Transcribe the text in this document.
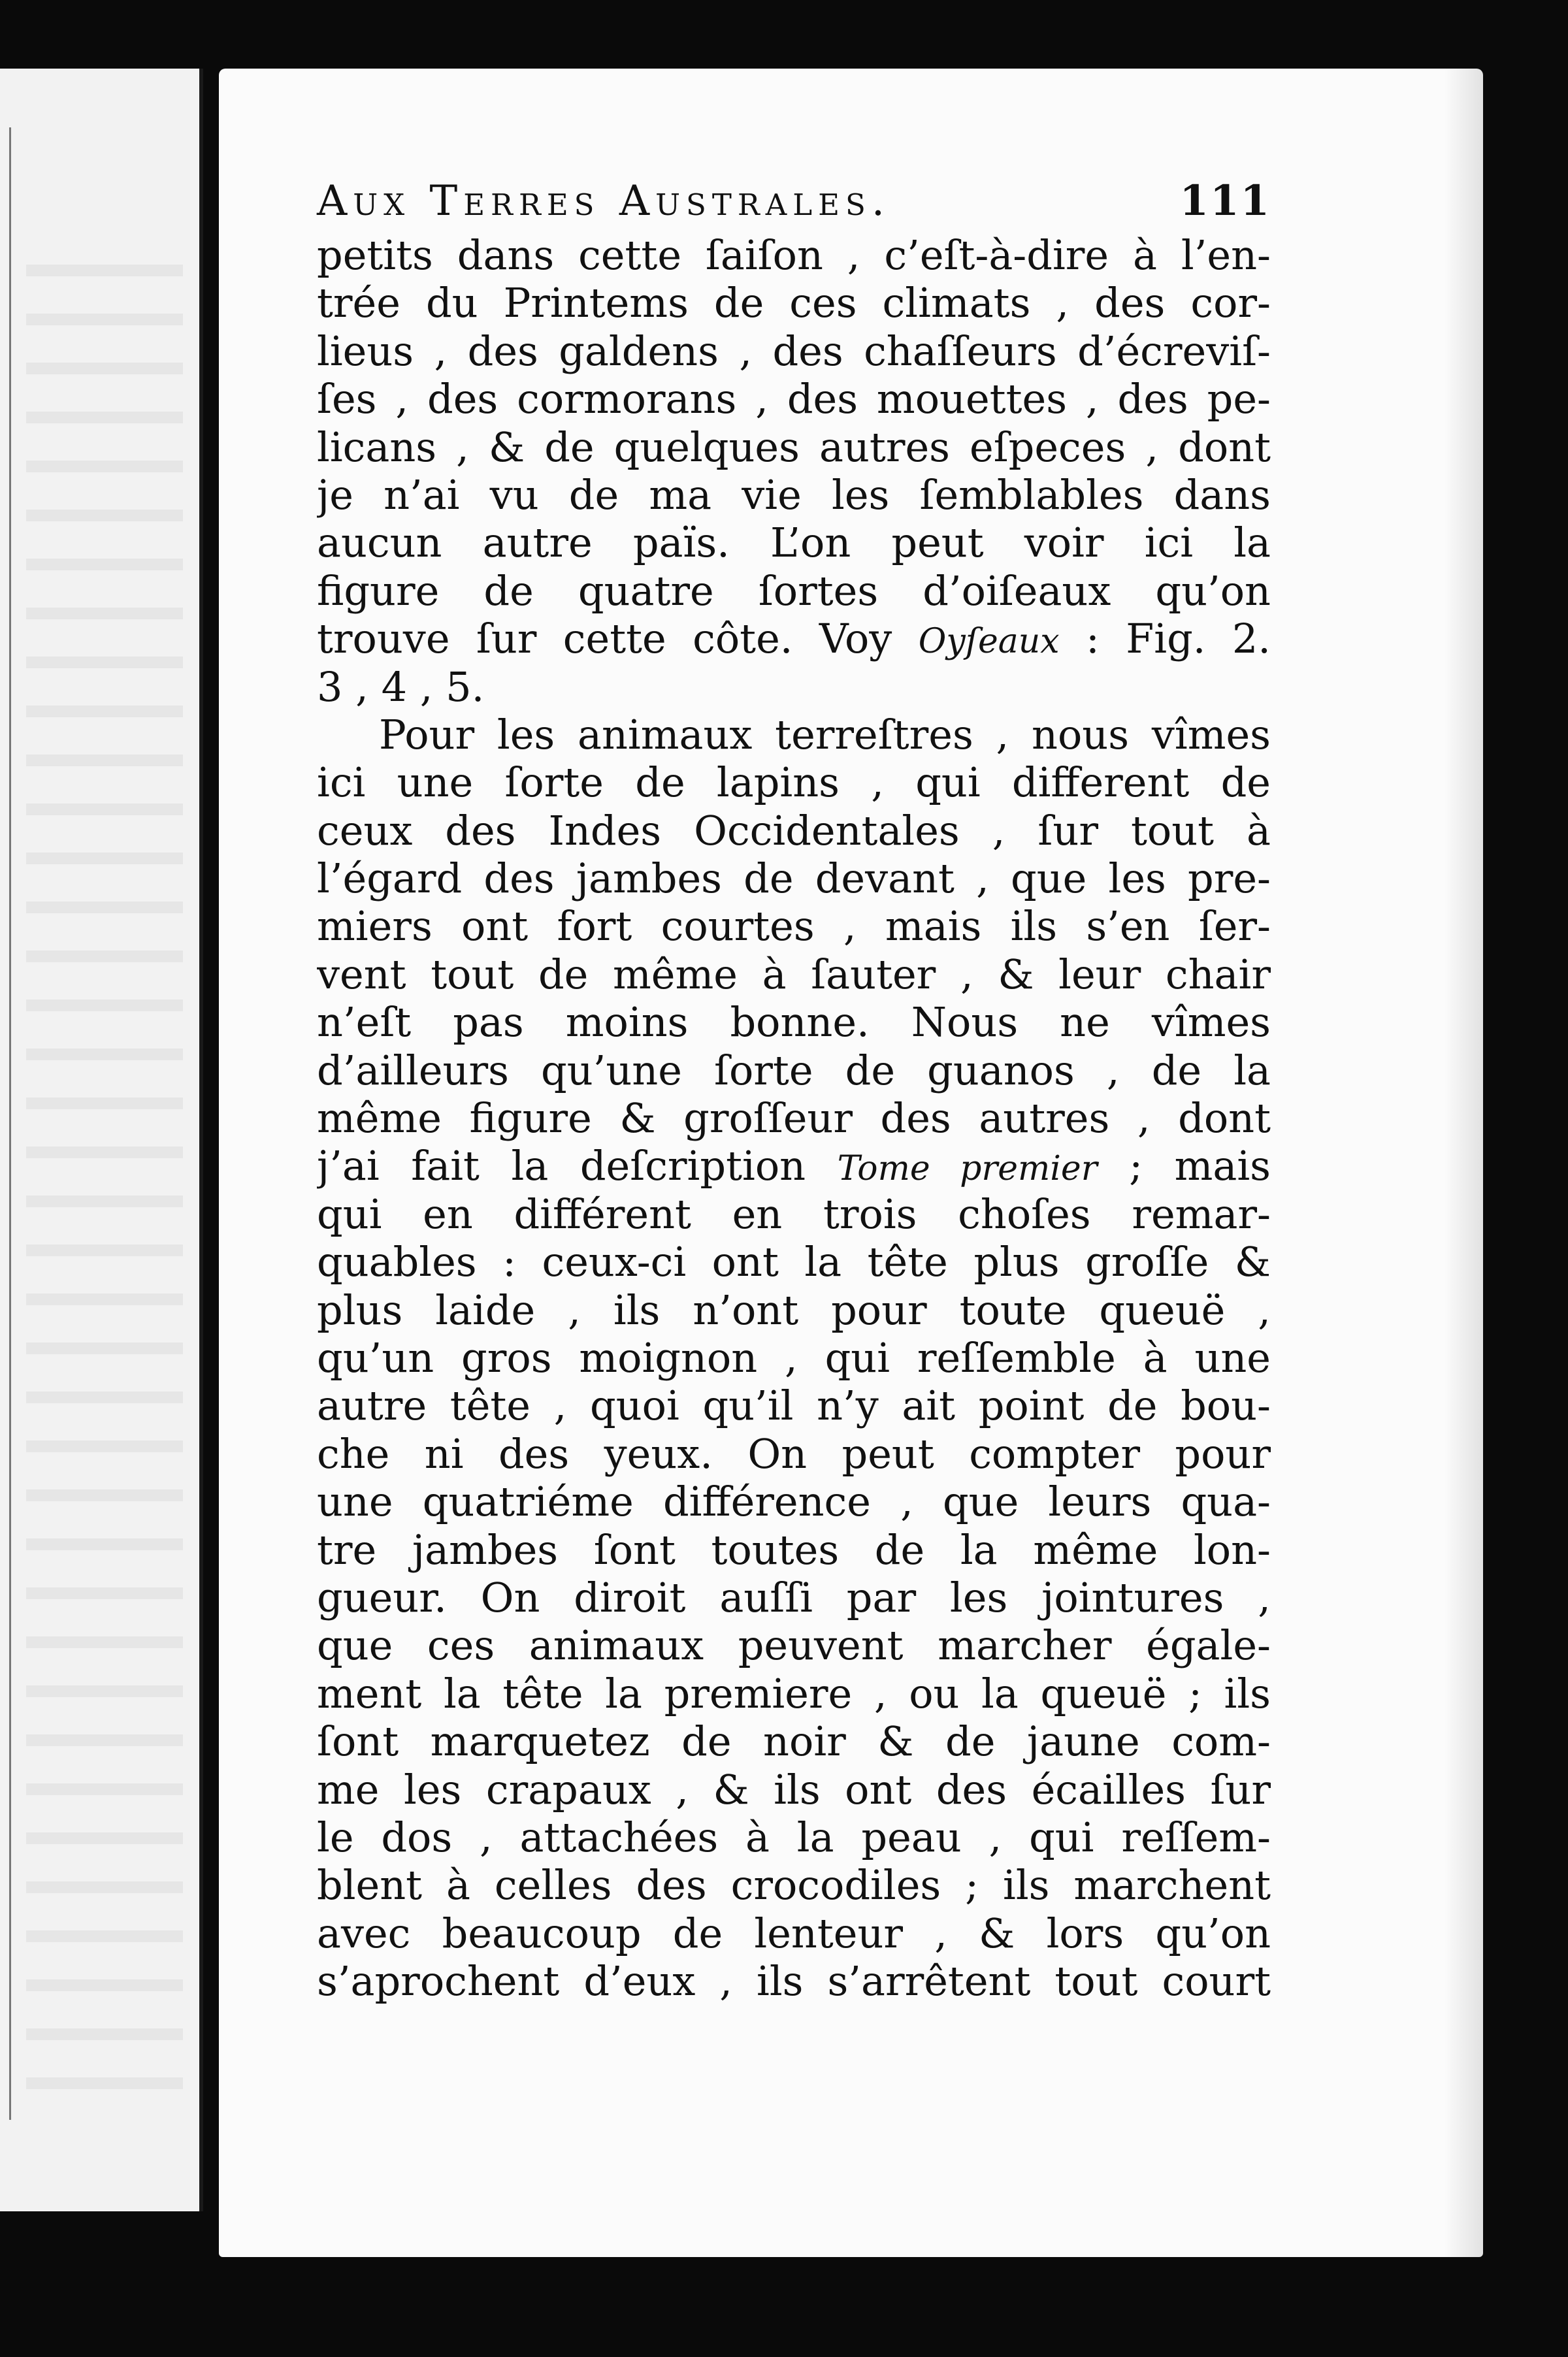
Aux Terres Australes.	111
petits dans cette ſaiſon , c’eſt-à-dire à l’en-
trée du Printems de ces climats , des cor-
lieus , des galdens , des chaſſeurs d’écreviſ-
ſes , des cormorans , des mouettes , des pe-
licans , & de quelques autres eſpeces , dont
je n’ai vu de ma vie les ſemblables dans
aucun autre païs. L’on peut voir ici la
figure de quatre ſortes d’oiſeaux qu’on
trouve ſur cette côte. Voy Oyſeaux : Fig. 2.
3 , 4 , 5.
Pour les animaux terreſtres , nous vîmes
ici une ſorte de lapins , qui different de
ceux des Indes Occidentales , ſur tout à
l’égard des jambes de devant , que les pre-
miers ont fort courtes , mais ils s’en ſer-
vent tout de même à ſauter , & leur chair
n’eſt pas moins bonne. Nous ne vîmes
d’ailleurs qu’une ſorte de guanos , de la
même figure & groſſeur des autres , dont
j’ai fait la deſcription Tome premier ; mais
qui en différent en trois choſes remar-
quables : ceux-ci ont la tête plus groſſe &
plus laide , ils n’ont pour toute queuë ,
qu’un gros moignon , qui reſſemble à une
autre tête , quoi qu’il n’y ait point de bou-
che ni des yeux. On peut compter pour
une quatriéme différence , que leurs qua-
tre jambes ſont toutes de la même lon-
gueur. On diroit auſſi par les jointures ,
que ces animaux peuvent marcher égale-
ment la tête la premiere , ou la queuë ; ils
ſont marquetez de noir & de jaune com-
me les crapaux , & ils ont des écailles ſur
le dos , attachées à la peau , qui reſſem-
blent à celles des crocodiles ; ils marchent
avec beaucoup de lenteur , & lors qu’on
s’aprochent d’eux , ils s’arrêtent tout court
